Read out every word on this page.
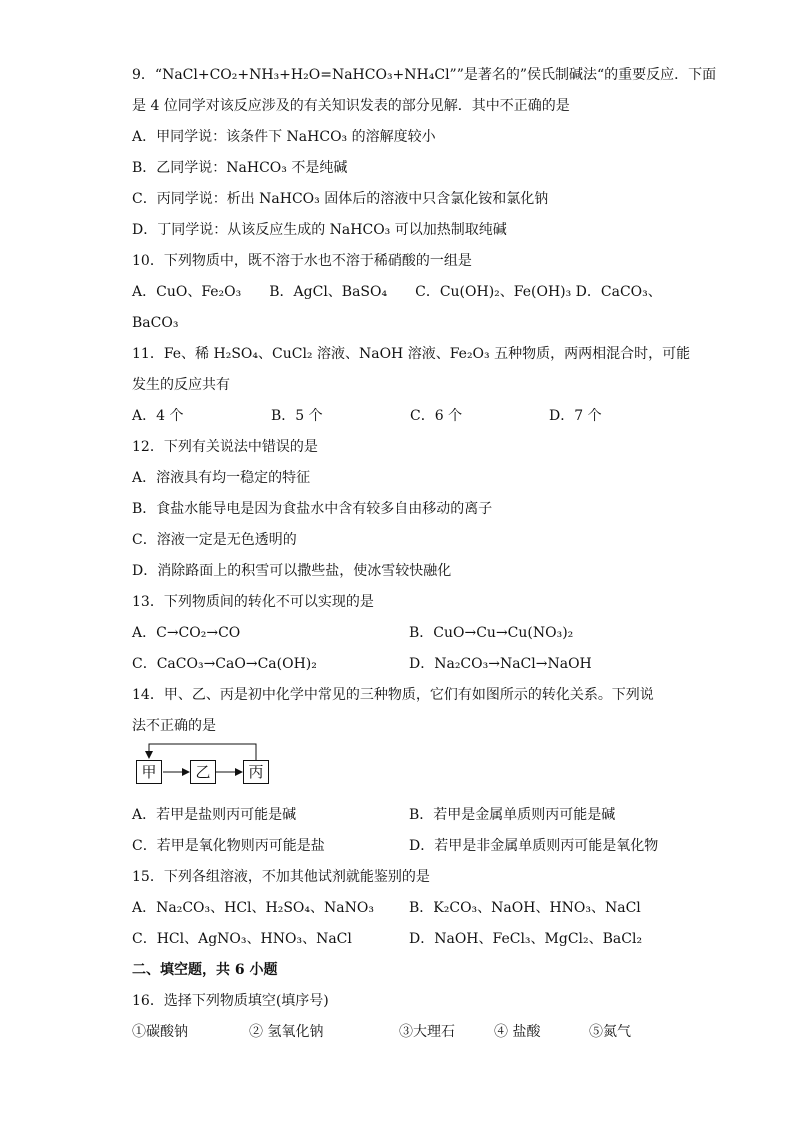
9．“NaCl+CO₂+NH₃+H₂O=NaHCO₃+NH₄Cl””是著名的”侯氏制碱法“的重要反应．下面
是 4 位同学对该反应涉及的有关知识发表的部分见解．其中不正确的是
A．甲同学说：该条件下 NaHCO₃ 的溶解度较小
B．乙同学说：NaHCO₃ 不是纯碱
C．丙同学说：析出 NaHCO₃ 固体后的溶液中只含氯化铵和氯化钠
D．丁同学说：从该反应生成的 NaHCO₃ 可以加热制取纯碱
10．下列物质中，既不溶于水也不溶于稀硝酸的一组是
A．CuO、Fe₂O₃　　B．AgCl、BaSO₄　　C．Cu(OH)₂、Fe(OH)₃ D．CaCO₃、
BaCO₃
11．Fe、稀 H₂SO₄、CuCl₂ 溶液、NaOH 溶液、Fe₂O₃ 五种物质，两两相混合时，可能
发生的反应共有
A．4 个	B．5 个	C．6 个	D．7 个
12．下列有关说法中错误的是
A．溶液具有均一稳定的特征
B．食盐水能导电是因为食盐水中含有较多自由移动的离子
C．溶液一定是无色透明的
D．消除路面上的积雪可以撒些盐，使冰雪较快融化
13．下列物质间的转化不可以实现的是
A．C→CO₂→CO	B．CuO→Cu→Cu(NO₃)₂
C．CaCO₃→CaO→Ca(OH)₂	D．Na₂CO₃→NaCl→NaOH
14．甲、乙、丙是初中化学中常见的三种物质，它们有如图所示的转化关系。下列说
法不正确的是
甲	乙	丙
A．若甲是盐则丙可能是碱	B．若甲是金属单质则丙可能是碱
C．若甲是氧化物则丙可能是盐	D．若甲是非金属单质则丙可能是氧化物
15．下列各组溶液，不加其他试剂就能鉴别的是
A．Na₂CO₃、HCl、H₂SO₄、NaNO₃	B．K₂CO₃、NaOH、HNO₃、NaCl
C．HCl、AgNO₃、HNO₃、NaCl	D．NaOH、FeCl₃、MgCl₂、BaCl₂
二、填空题，共 6 小题
16．选择下列物质填空(填序号)
①碳酸钠	② 氢氧化钠	③大理石	④ 盐酸	⑤氮气
